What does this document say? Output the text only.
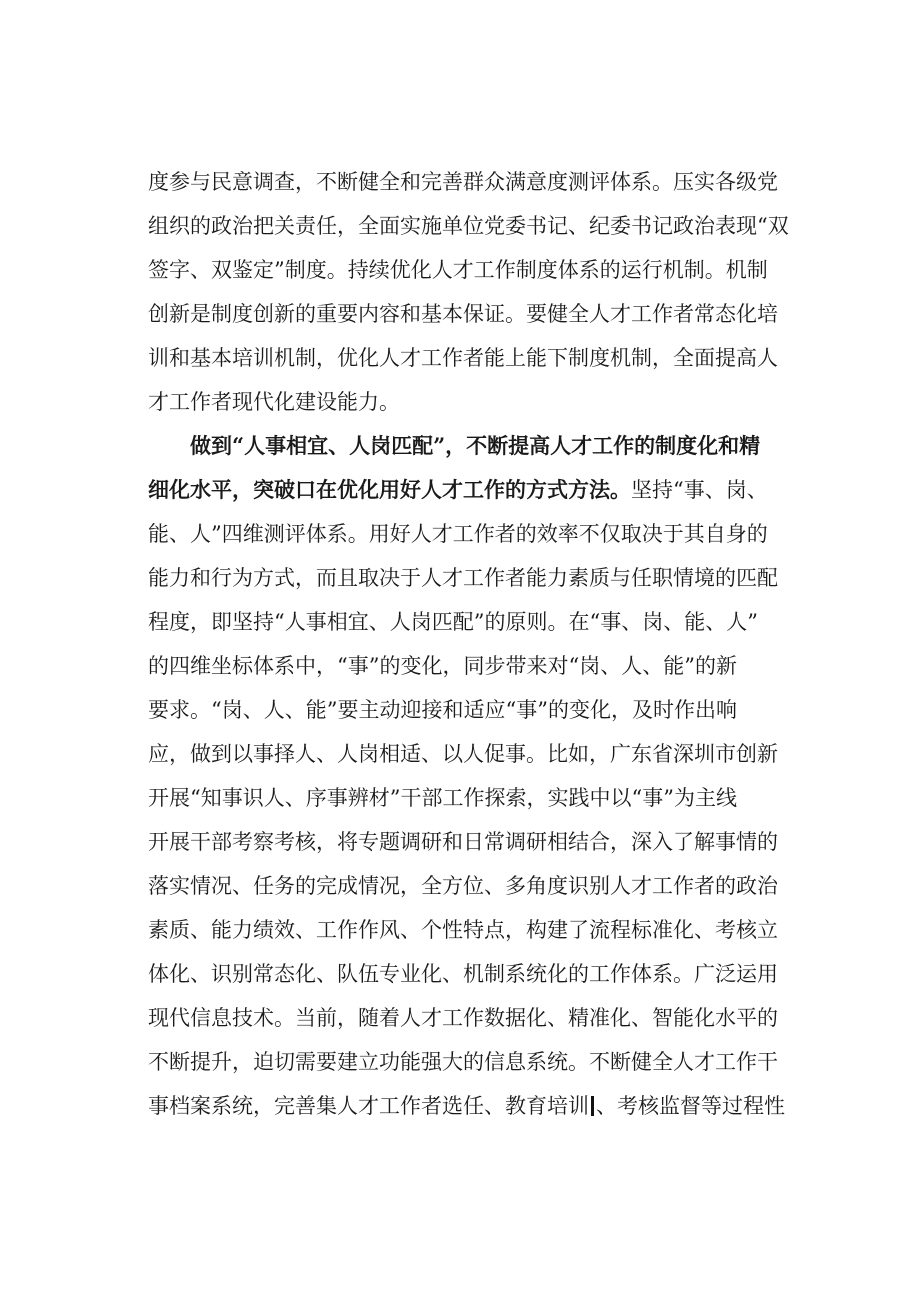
度参与民意调查，不断健全和完善群众满意度测评体系。压实各级党
组织的政治把关责任，全面实施单位党委书记、纪委书记政治表现“双
签字、双鉴定”制度。持续优化人才工作制度体系的运行机制。机制
创新是制度创新的重要内容和基本保证。要健全人才工作者常态化培
训和基本培训机制，优化人才工作者能上能下制度机制，全面提高人
才工作者现代化建设能力。
做到“人事相宜、人岗匹配”，不断提高人才工作的制度化和精
细化水平，突破口在优化用好人才工作的方式方法。坚持“事、岗、
能、人”四维测评体系。用好人才工作者的效率不仅取决于其自身的
能力和行为方式，而且取决于人才工作者能力素质与任职情境的匹配
程度，即坚持“人事相宜、人岗匹配”的原则。在“事、岗、能、人”
的四维坐标体系中，“事”的变化，同步带来对“岗、人、能”的新
要求。“岗、人、能”要主动迎接和适应“事”的变化，及时作出响
应，做到以事择人、人岗相适、以人促事。比如，广东省深圳市创新
开展“知事识人、序事辨材”干部工作探索，实践中以“事”为主线
开展干部考察考核，将专题调研和日常调研相结合，深入了解事情的
落实情况、任务的完成情况，全方位、多角度识别人才工作者的政治
素质、能力绩效、工作作风、个性特点，构建了流程标准化、考核立
体化、识别常态化、队伍专业化、机制系统化的工作体系。广泛运用
现代信息技术。当前，随着人才工作数据化、精准化、智能化水平的
不断提升，迫切需要建立功能强大的信息系统。不断健全人才工作干
事档案系统，完善集人才工作者选任、教育培训 、考核监督等过程性
